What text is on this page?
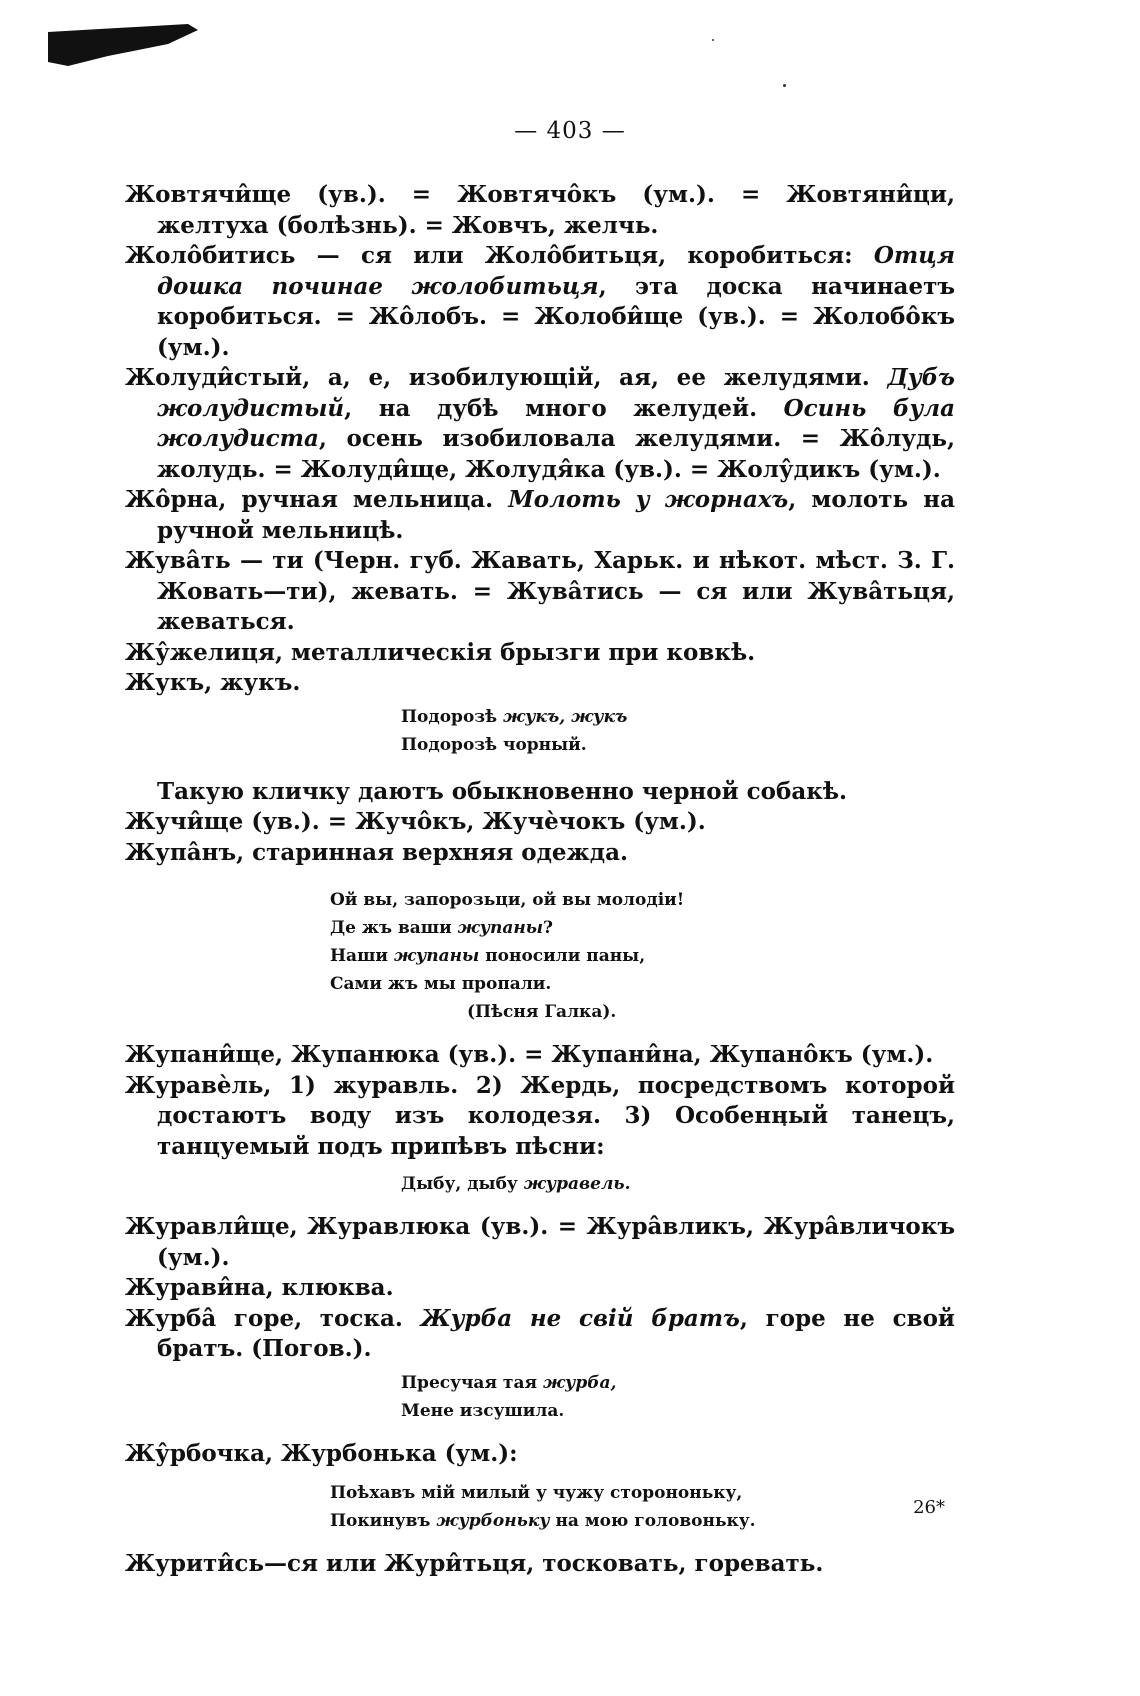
— 403 —

Жовтячи̂ще (ув.). = Жовтячо̂къ (ум.). = Жовтяни̂ци, желтуха (болѣзнь). = Жовчъ, желчь.

Жоло̂битись — ся или Жоло̂битьця, коробиться: Отця дошка починае жолобитьця, эта доска начинаетъ коробиться. = Жо̂лобъ. = Жолоби̂ще (ув.). = Жолобо̂къ (ум.).

Жолуди̂стый, а, е, изобилующій, ая, ее желудями. Дубъ жолудистый, на дубѣ много желудей. Осинь була жолудиста, осень изобиловала желудями. = Жо̂лудь, жолудь. = Жолуди̂ще, Жолудя̂ка (ув.). = Жолу̂дикъ (ум.).

Жо̂рна, ручная мельница. Молоть у жорнахъ, молоть на ручной мельницѣ.

Жува̂ть — ти (Черн. губ. Жавать, Харьк. и нѣкот. мѣст. З. Г. Жовать—ти), жевать. = Жува̂тись — ся или Жува̂тьця, жеваться.

Жу̂желиця, металлическія брызги при ковкѣ.

Жукъ, жукъ.

Подорозѣ жукъ, жукъ
Подорозѣ чорный.

Такую кличку даютъ обыкновенно черной собакѣ.

Жучи̂ще (ув.). = Жучо̂къ, Жучѐчокъ (ум.).

Жупа̂нъ, старинная верхняя одежда.

Ой вы, запорозьци, ой вы молодіи!
Де жъ ваши жупаны?
Наши жупаны поносили паны,
Сами жъ мы пропали.
(Пѣсня Галка).

Жупани̂ще, Жупанюка (ув.). = Жупани̂на, Жупано̂къ (ум.).

Журавѐль, 1) журавль. 2) Жердь, посредствомъ которой достаютъ воду изъ колодезя. 3) Особенный танецъ, танцуемый подъ припѣвъ пѣсни:

Дыбу, дыбу журавель.

Журавли̂ще, Журавлюка (ув.). = Жура̂вликъ, Жура̂вличокъ (ум.).

Журави̂на, клюква.

Журба̂ горе, тоска. Журба не свій братъ, горе не свой братъ. (Погов.).

Пресучая тая журба,
Мене изсушила.

Жу̂рбочка, Журбонька (ум.):

Поѣхавъ мій милый у чужу сторононьку,
Покинувъ журбоньку на мою головоньку.

Журити̂сь—ся или Жури̂тьця, тосковать, горевать.

26*
